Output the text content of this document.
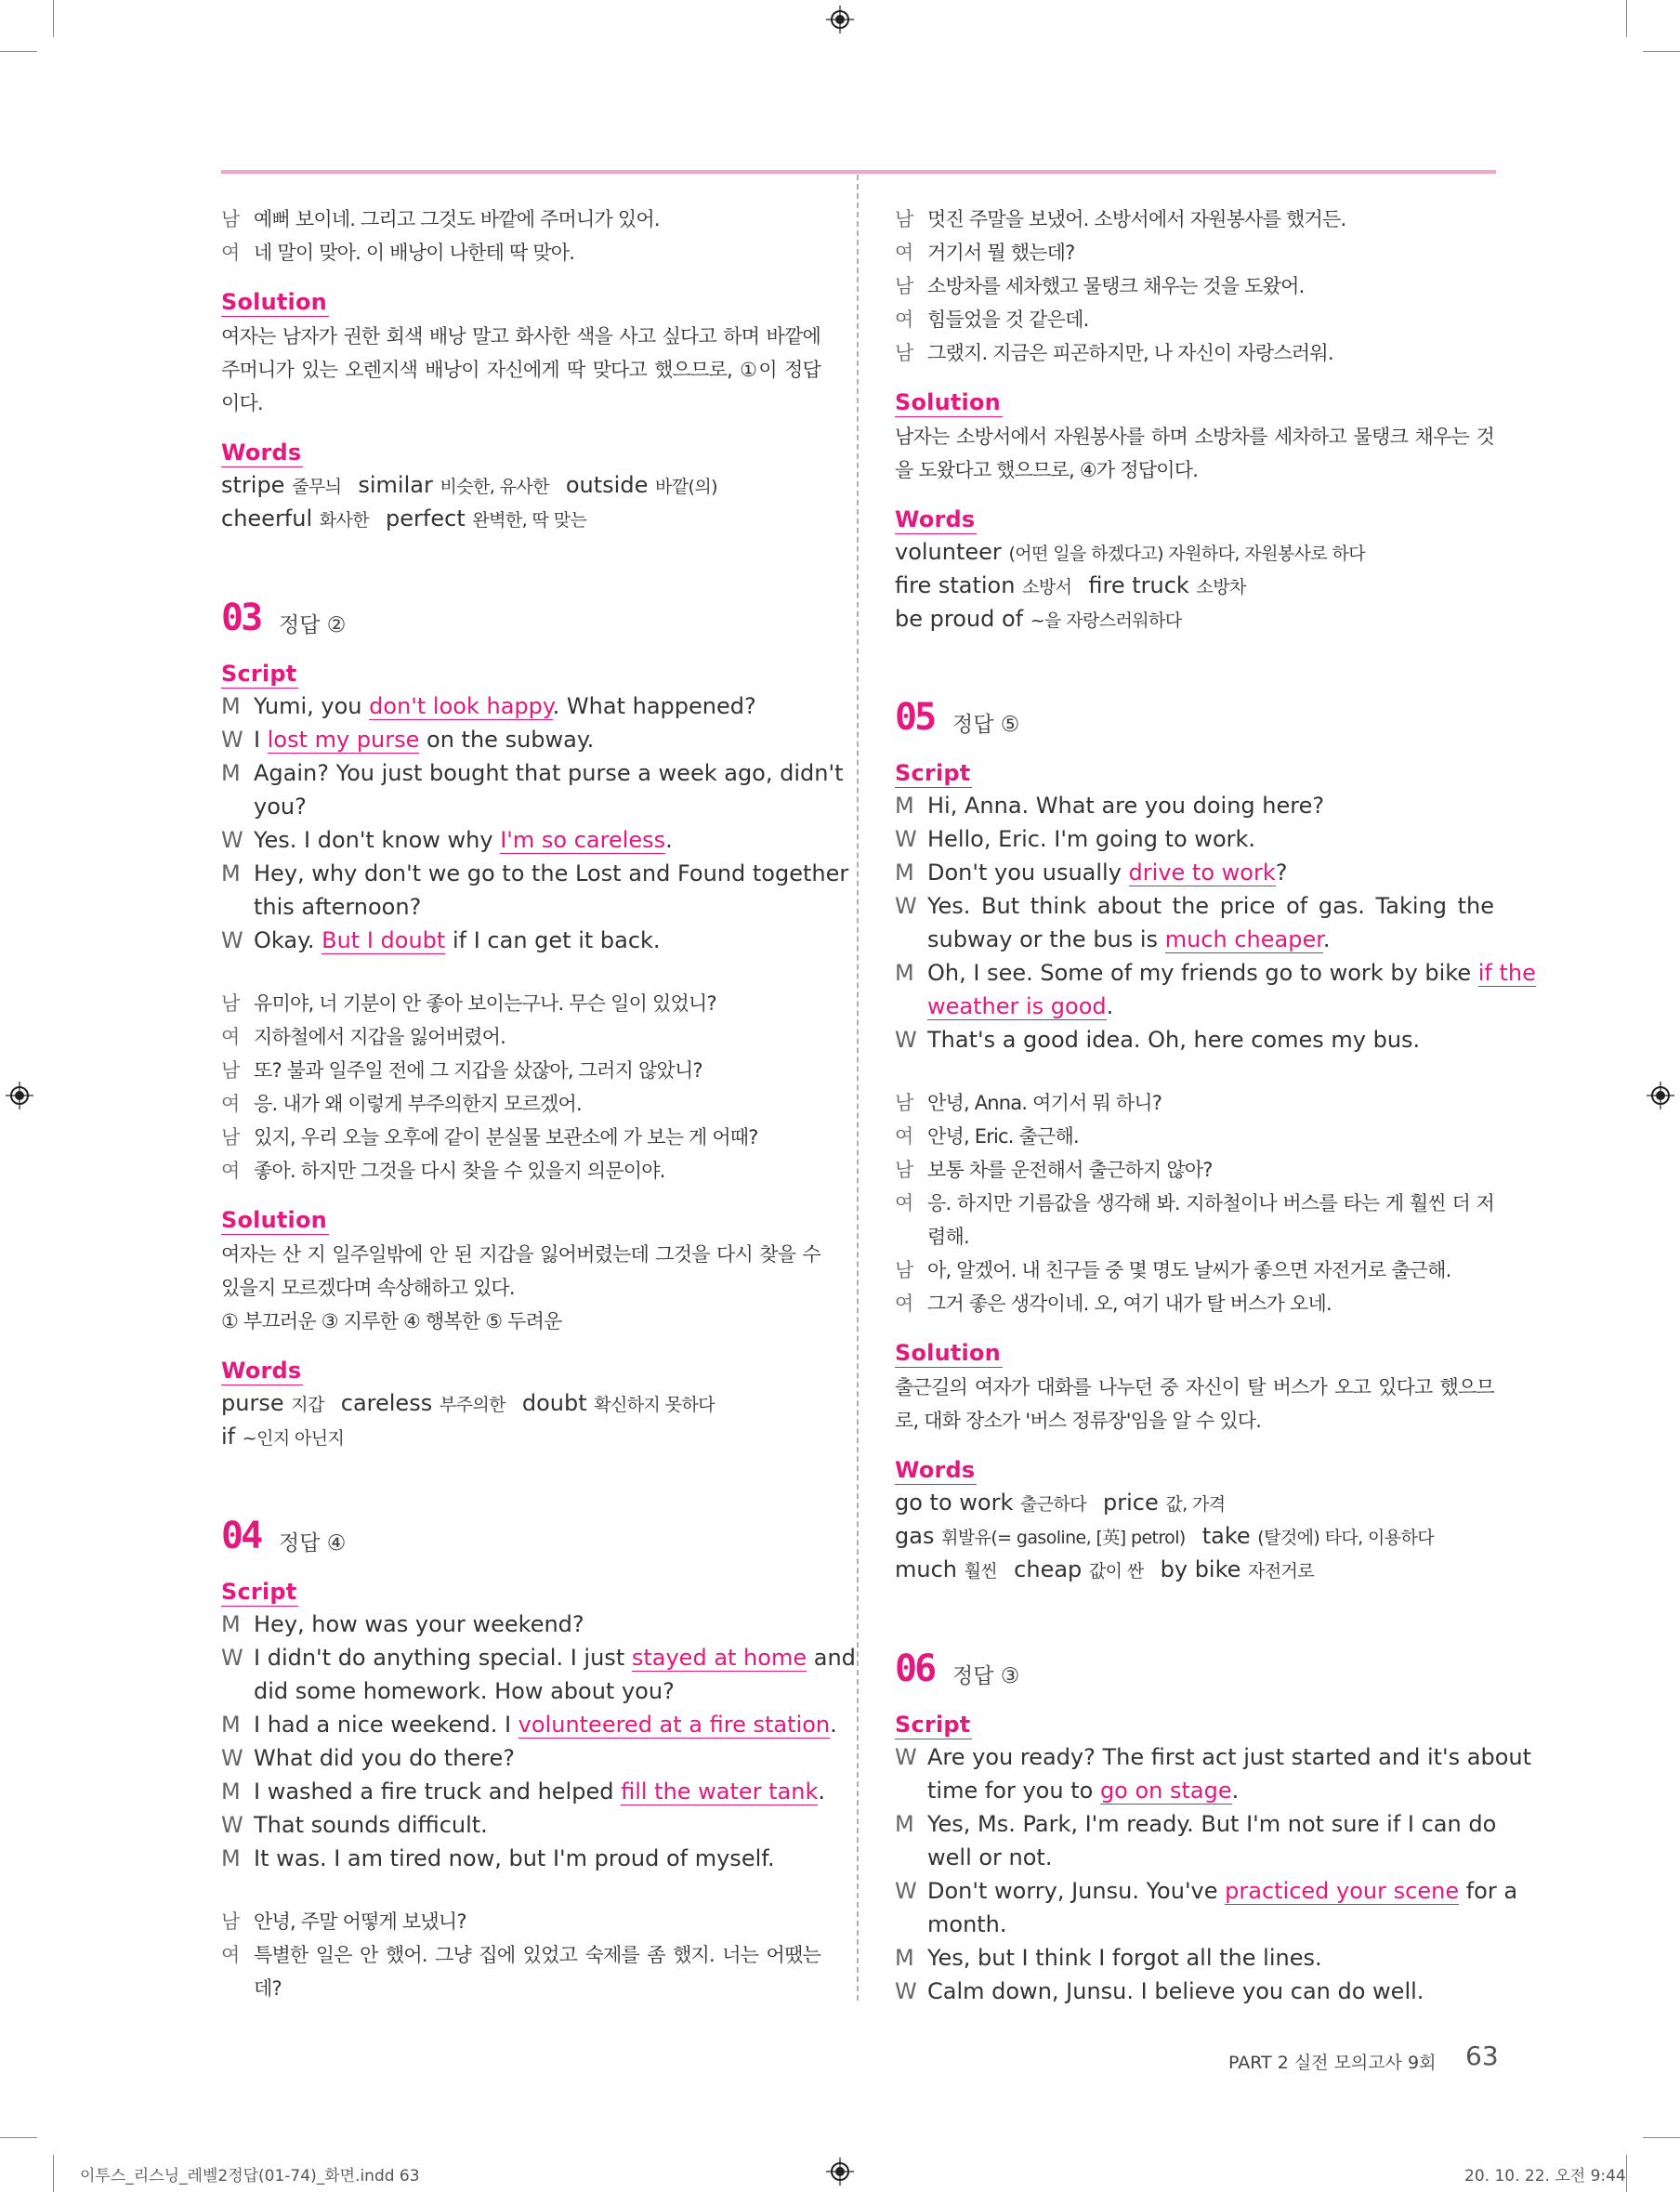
남 예뻐 보이네. 그리고 그것도 바깥에 주머니가 있어.
여 네 말이 맞아. 이 배낭이 나한테 딱 맞아.
Solution
여자는 남자가 권한 회색 배낭 말고 화사한 색을 사고 싶다고 하며 바깥에
주머니가 있는 오렌지색 배낭이 자신에게 딱 맞다고 했으므로, ①이 정답
이다.
Words
stripe 줄무늬 similar 비슷한, 유사한 outside 바깥(의)
cheerful 화사한 perfect 완벽한, 딱 맞는
03 정답 ②
Script
M Yumi, you don't look happy. What happened?
W I lost my purse on the subway.
M Again? You just bought that purse a week ago, didn't
you?
W Yes. I don't know why I'm so careless.
M Hey, why don't we go to the Lost and Found together
this afternoon?
W Okay. But I doubt if I can get it back.
남 유미야, 너 기분이 안 좋아 보이는구나. 무슨 일이 있었니?
여 지하철에서 지갑을 잃어버렸어.
남 또? 불과 일주일 전에 그 지갑을 샀잖아, 그러지 않았니?
여 응. 내가 왜 이렇게 부주의한지 모르겠어.
남 있지, 우리 오늘 오후에 같이 분실물 보관소에 가 보는 게 어때?
여 좋아. 하지만 그것을 다시 찾을 수 있을지 의문이야.
Solution
여자는 산 지 일주일밖에 안 된 지갑을 잃어버렸는데 그것을 다시 찾을 수
있을지 모르겠다며 속상해하고 있다.
① 부끄러운 ③ 지루한 ④ 행복한 ⑤ 두려운
Words
purse 지갑 careless 부주의한 doubt 확신하지 못하다
if ~인지 아닌지
04 정답 ④
Script
M Hey, how was your weekend?
W I didn't do anything special. I just stayed at home and
did some homework. How about you?
M I had a nice weekend. I volunteered at a fire station.
W What did you do there?
M I washed a fire truck and helped fill the water tank.
W That sounds difficult.
M It was. I am tired now, but I'm proud of myself.
남 안녕, 주말 어떻게 보냈니?
여 특별한 일은 안 했어. 그냥 집에 있었고 숙제를 좀 했지. 너는 어땠는
데?
남 멋진 주말을 보냈어. 소방서에서 자원봉사를 했거든.
여 거기서 뭘 했는데?
남 소방차를 세차했고 물탱크 채우는 것을 도왔어.
여 힘들었을 것 같은데.
남 그랬지. 지금은 피곤하지만, 나 자신이 자랑스러워.
Solution
남자는 소방서에서 자원봉사를 하며 소방차를 세차하고 물탱크 채우는 것
을 도왔다고 했으므로, ④가 정답이다.
Words
volunteer (어떤 일을 하겠다고) 자원하다, 자원봉사로 하다
fire station 소방서 fire truck 소방차
be proud of ~을 자랑스러워하다
05 정답 ⑤
Script
M Hi, Anna. What are you doing here?
W Hello, Eric. I'm going to work.
M Don't you usually drive to work?
W Yes. But think about the price of gas. Taking the
subway or the bus is much cheaper.
M Oh, I see. Some of my friends go to work by bike if the
weather is good.
W That's a good idea. Oh, here comes my bus.
남 안녕, Anna. 여기서 뭐 하니?
여 안녕, Eric. 출근해.
남 보통 차를 운전해서 출근하지 않아?
여 응. 하지만 기름값을 생각해 봐. 지하철이나 버스를 타는 게 훨씬 더 저
렴해.
남 아, 알겠어. 내 친구들 중 몇 명도 날씨가 좋으면 자전거로 출근해.
여 그거 좋은 생각이네. 오, 여기 내가 탈 버스가 오네.
Solution
출근길의 여자가 대화를 나누던 중 자신이 탈 버스가 오고 있다고 했으므
로, 대화 장소가 '버스 정류장'임을 알 수 있다.
Words
go to work 출근하다 price 값, 가격
gas 휘발유(= gasoline, [英] petrol) take (탈것에) 타다, 이용하다
much 훨씬 cheap 값이 싼 by bike 자전거로
06 정답 ③
Script
W Are you ready? The first act just started and it's about
time for you to go on stage.
M Yes, Ms. Park, I'm ready. But I'm not sure if I can do
well or not.
W Don't worry, Junsu. You've practiced your scene for a
month.
M Yes, but I think I forgot all the lines.
W Calm down, Junsu. I believe you can do well.
PART 2 실전 모의고사 9회 63
이투스_리스닝_레벨2정답(01-74)_화면.indd 63	20. 10. 22. 오전 9:44
